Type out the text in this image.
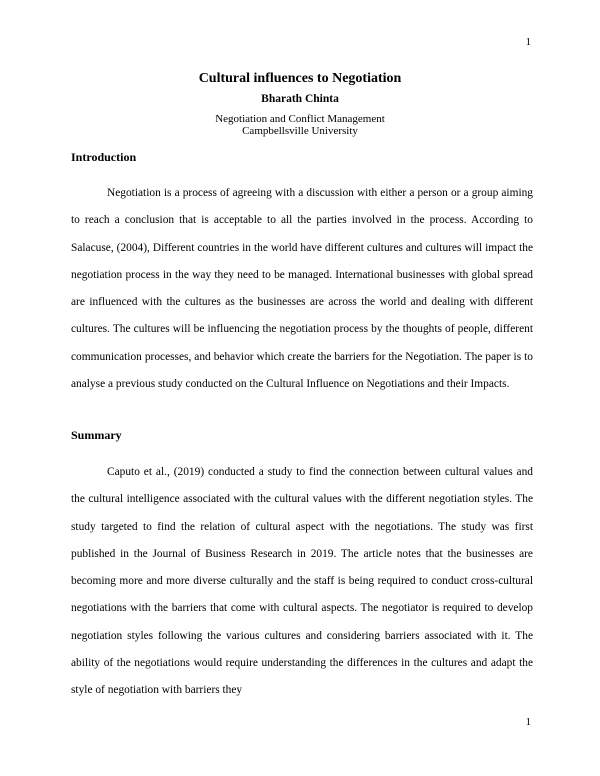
1
Cultural influences to Negotiation
Bharath Chinta
Negotiation and Conflict Management
Campbellsville University
Introduction

Negotiation is a process of agreeing with a discussion with either a person or a group aiming to reach a conclusion that is acceptable to all the parties involved in the process. According to Salacuse, (2004), Different countries in the world have different cultures and cultures will impact the negotiation process in the way they need to be managed. International businesses with global spread are influenced with the cultures as the businesses are across the world and dealing with different cultures. The cultures will be influencing the negotiation process by the thoughts of people, different communication processes, and behavior which create the barriers for the Negotiation. The paper is to analyse a previous study conducted on the Cultural Influence on Negotiations and their Impacts.

Summary

Caputo et al., (2019) conducted a study to find the connection between cultural values and the cultural intelligence associated with the cultural values with the different negotiation styles. The study targeted to find the relation of cultural aspect with the negotiations. The study was first published in the Journal of Business Research in 2019. The article notes that the businesses are becoming more and more diverse culturally and the staff is being required to conduct cross-cultural negotiations with the barriers that come with cultural aspects. The negotiator is required to develop negotiation styles following the various cultures and considering barriers associated with it. The ability of the negotiations would require understanding the differences in the cultures and adapt the style of negotiation with barriers they

1
